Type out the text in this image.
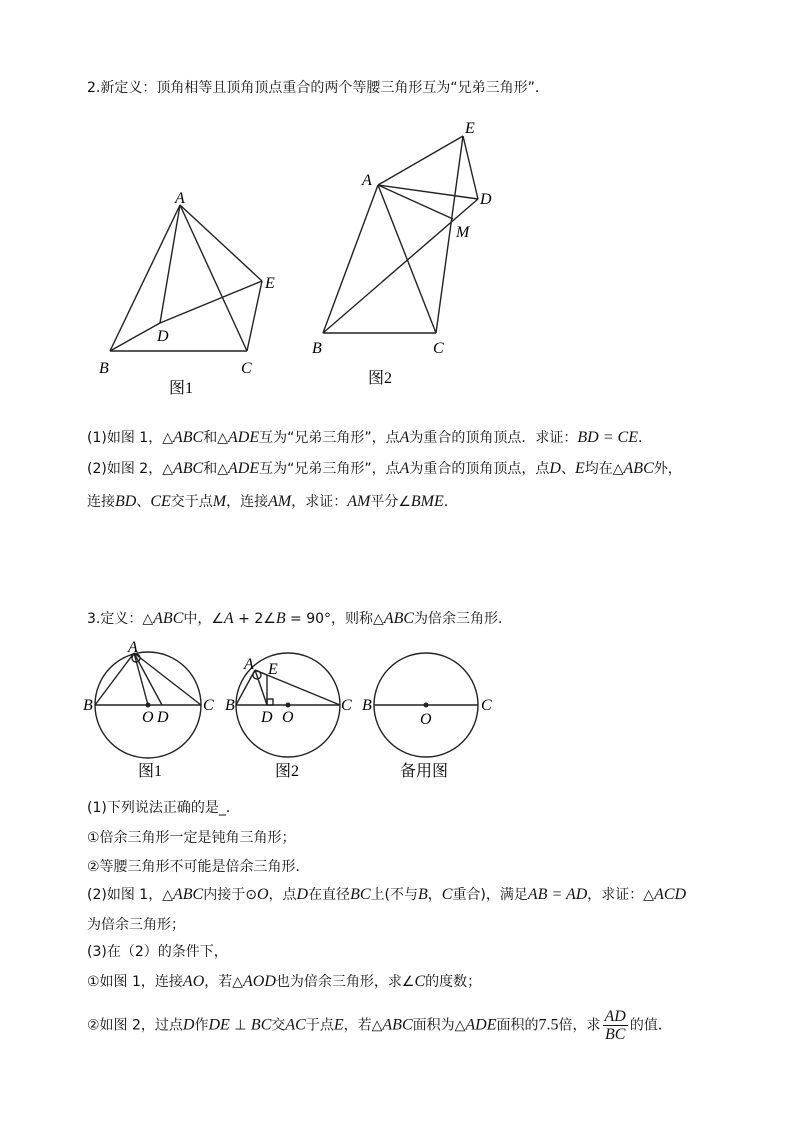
2.新定义：顶角相等且顶角顶点重合的两个等腰三角形互为“兄弟三角形”．
A
B	C
D
E
图1
A
B	C
D
E
M
图2
(1)如图 1，△ABC和△ADE互为“兄弟三角形”，点A为重合的顶角顶点．求证：BD = CE.
(2)如图 2，△ABC和△ADE互为“兄弟三角形”，点A为重合的顶角顶点，点D、E均在△ABC外，
连接BD、CE交于点M，连接AM，求证：AM平分∠BME.
3.定义：△ABC中，∠A + 2∠B = 90°，则称△ABC为倍余三角形．
A
B	C
O D
图1
A E
B	C
D O
图2
B	C
O
备用图
(1)下列说法正确的是_．
①倍余三角形一定是钝角三角形；
②等腰三角形不可能是倍余三角形．
(2)如图 1，△ABC内接于⊙O，点D在直径BC上(不与B，C重合)，满足AB = AD，求证：△ACD
为倍余三角形；
(3)在（2）的条件下，
①如图 1，连接AO，若△AOD也为倍余三角形，求∠C的度数；
②如图 2，过点D作DE ⊥ BC交AC于点E，若△ABC面积为△ADE面积的7.5倍，求 $\frac{AD}{BC}$ 的值．
